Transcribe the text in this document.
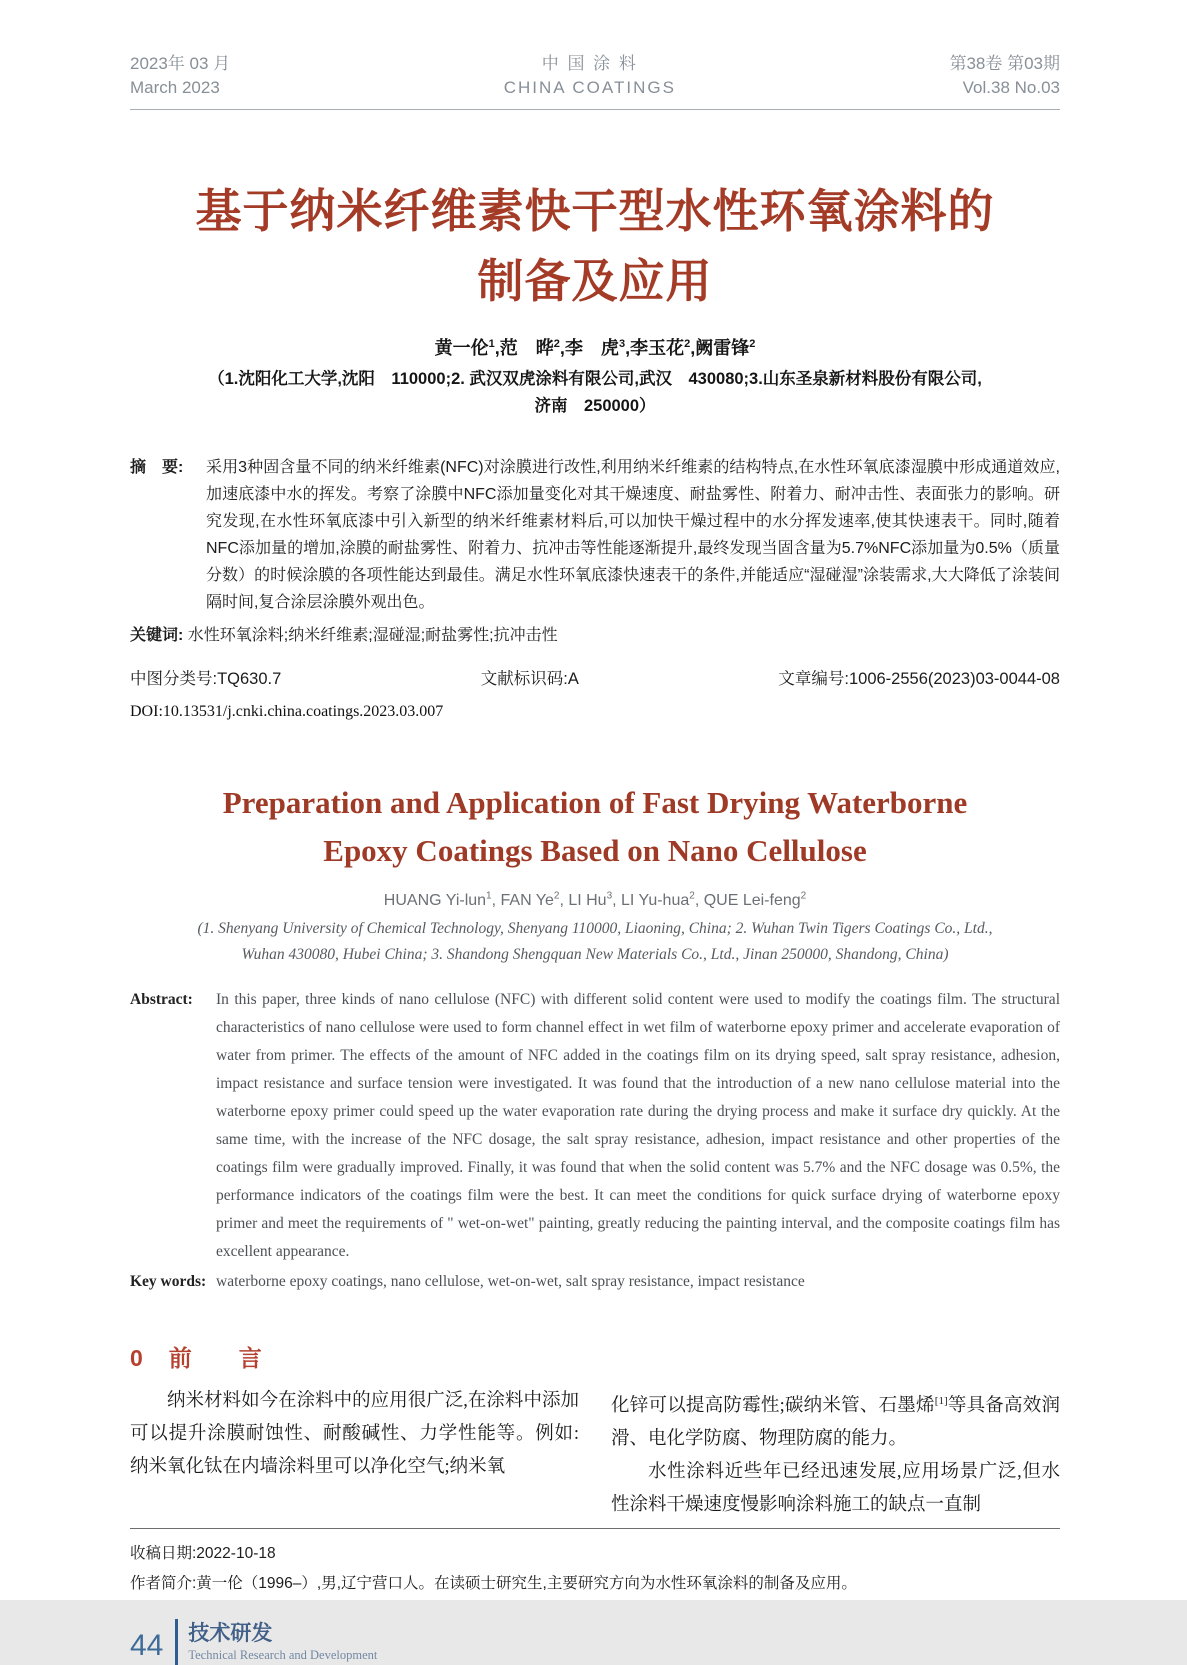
2023年 03 月
March 2023
中 国 涂 料
CHINA COATINGS
第38卷 第03期
Vol.38 No.03
基于纳米纤维素快干型水性环氧涂料的
制备及应用
黄一伦$^1$,范　晔$^2$,李　虎$^3$,李玉花$^2$,阙雷锋$^2$
（1.沈阳化工大学,沈阳　110000;2. 武汉双虎涂料有限公司,武汉　430080;3.山东圣泉新材料股份有限公司,
济南　250000）
摘　要:	采用3种固含量不同的纳米纤维素(NFC)对涂膜进行改性,利用纳米纤维素的结构特点,在水性环氧底漆湿膜中形成通道效应,加速底漆中水的挥发。考察了涂膜中NFC添加量变化对其干燥速度、耐盐雾性、附着力、耐冲击性、表面张力的影响。研究发现,在水性环氧底漆中引入新型的纳米纤维素材料后,可以加快干燥过程中的水分挥发速率,使其快速表干。同时,随着NFC添加量的增加,涂膜的耐盐雾性、附着力、抗冲击等性能逐渐提升,最终发现当固含量为5.7%NFC添加量为0.5%（质量分数）的时候涂膜的各项性能达到最佳。满足水性环氧底漆快速表干的条件,并能适应“湿碰湿”涂装需求,大大降低了涂装间隔时间,复合涂层涂膜外观出色。
关键词: 水性环氧涂料;纳米纤维素;湿碰湿;耐盐雾性;抗冲击性
中图分类号:TQ630.7	文献标识码:A	文章编号:1006-2556(2023)03-0044-08
DOI:10.13531/j.cnki.china.coatings.2023.03.007
Preparation and Application of Fast Drying Waterborne
Epoxy Coatings Based on Nano Cellulose
HUANG Yi-lun$^1$, FAN Ye$^2$, LI Hu$^3$, LI Yu-hua$^2$, QUE Lei-feng$^2$
(1. Shenyang University of Chemical Technology, Shenyang 110000, Liaoning, China; 2. Wuhan Twin Tigers Coatings Co., Ltd.,
Wuhan 430080, Hubei China; 3. Shandong Shengquan New Materials Co., Ltd., Jinan 250000, Shandong, China)
Abstract:	In this paper, three kinds of nano cellulose (NFC) with different solid content were used to modify the coatings film. The structural characteristics of nano cellulose were used to form channel effect in wet film of waterborne epoxy primer and accelerate evaporation of water from primer. The effects of the amount of NFC added in the coatings film on its drying speed, salt spray resistance, adhesion, impact resistance and surface tension were investigated. It was found that the introduction of a new nano cellulose material into the waterborne epoxy primer could speed up the water evaporation rate during the drying process and make it surface dry quickly. At the same time, with the increase of the NFC dosage, the salt spray resistance, adhesion, impact resistance and other properties of the coatings film were gradually improved. Finally, it was found that when the solid content was 5.7% and the NFC dosage was 0.5%, the performance indicators of the coatings film were the best. It can meet the conditions for quick surface drying of waterborne epoxy primer and meet the requirements of " wet-on-wet" painting, greatly reducing the painting interval, and the composite coatings film has excellent appearance.
Key words: waterborne epoxy coatings, nano cellulose, wet-on-wet, salt spray resistance, impact resistance
0 前　言

纳米材料如今在涂料中的应用很广泛,在涂料中添加可以提升涂膜耐蚀性、耐酸碱性、力学性能等。例如:纳米氧化钛在内墙涂料里可以净化空气;纳米氧

化锌可以提高防霉性;碳纳米管、石墨烯[1]等具备高效润滑、电化学防腐、物理防腐的能力。

水性涂料近些年已经迅速发展,应用场景广泛,但水性涂料干燥速度慢影响涂料施工的缺点一直制

收稿日期:2022-10-18
作者简介:黄一伦（1996–）,男,辽宁营口人。在读硕士研究生,主要研究方向为水性环氧涂料的制备及应用。
44 技术研发
Technical Research and Development
